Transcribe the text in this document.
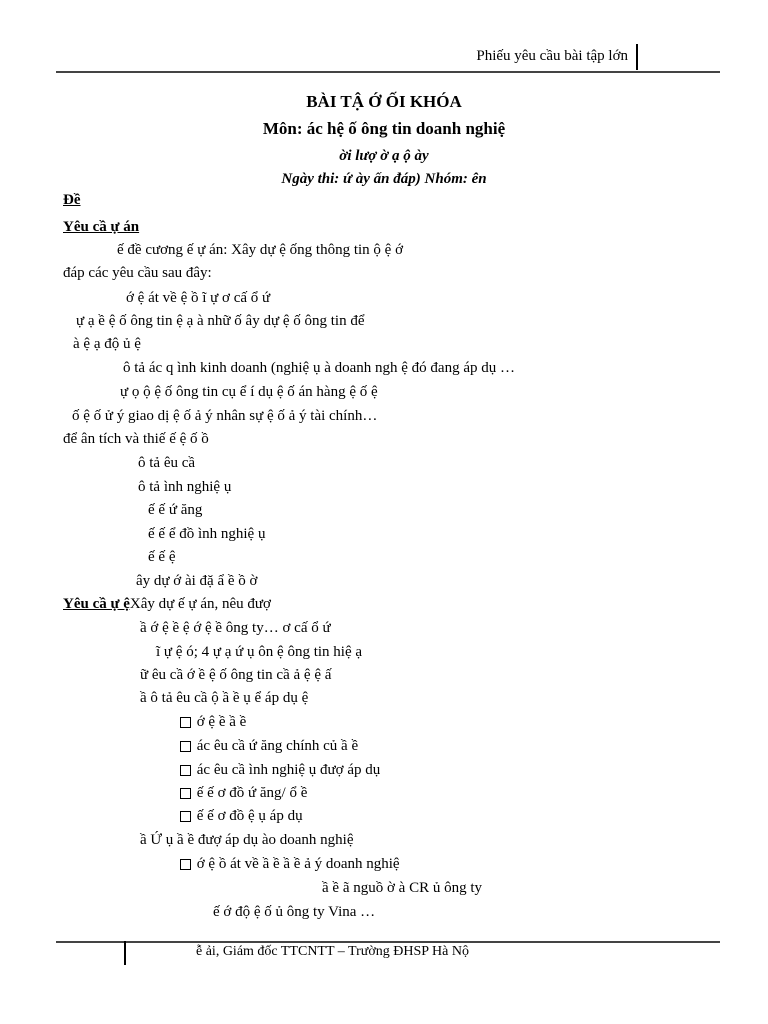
Phiếu yêu cầu bài tập lớn
BÀI TẬ Ớ ỐI KHÓA
Môn: ác hệ ố ông tin doanh nghiệ
ời lượ ờ ạ ộ ày
Ngày thi: ứ ày ấn đáp) Nhóm: ên
Đề
Yêu cầ ự án
ế đề cương ế ự án: Xây dự ệ ống thông tin ộ ệ ớ
đáp các yêu cầu sau đây:
ớ ệ át về ệ ồ ĩ ự ơ cấ ổ ứ
ự ạ ề ệ ố ông tin ệ ạ à nhữ ố ây dự ệ ố ông tin để
à ệ ạ độ ủ ệ
ô tả ác q ình kinh doanh (nghiệ ụ à doanh ngh ệ đó đang áp dụ …
ự ọ ộ ệ ố ông tin cụ ể í dụ ệ ố án hàng ệ ố ệ
ố ệ ố ử ý giao dị ệ ố ả ý nhân sự ệ ố ả ý tài chính…
để ân tích và thiế ế ệ ố ồ
ô tả êu cầ
ô tả ình nghiệ ụ
ế ế ứ ăng
ế ế ể đồ ình nghiệ ụ
ế ế ệ
ây dự ớ ài đặ ẩ ề ồ ờ
Yêu cầ ự ệXây dự ế ự án, nêu đượ
ầ ớ ệ ề ệ ớ ệ ề ông ty… ơ cấ ổ ứ
ĩ ự ệ ó; 4 ự ạ ứ ụ ôn ệ ông tin hiệ ạ
ữ êu cầ ớ ề ệ ố ông tin cầ ả ệ ệ ấ
ầ ô tả êu cầ ộ ầ ề ụ ể áp dụ ệ
ớ ệ ề ầ ề
ác êu cầ ứ ăng chính củ ầ ề
ác êu cầ ình nghiệ ụ đượ áp dụ
ế ế ơ đồ ứ ăng/ ổ ề
ế ế ơ đồ ệ ụ áp dụ
ầ Ứ ụ ầ ề đượ áp dụ ào doanh nghiệ
ớ ệ ồ át về ầ ề ầ ề ả ý doanh nghiệ
ầ ề ã nguồ ờ à CR ủ ông ty
ế ớ độ ệ ố ủ ông ty Vina …
ễ ải, Giám đốc TTCNTT – Trường ĐHSP Hà Nộ
